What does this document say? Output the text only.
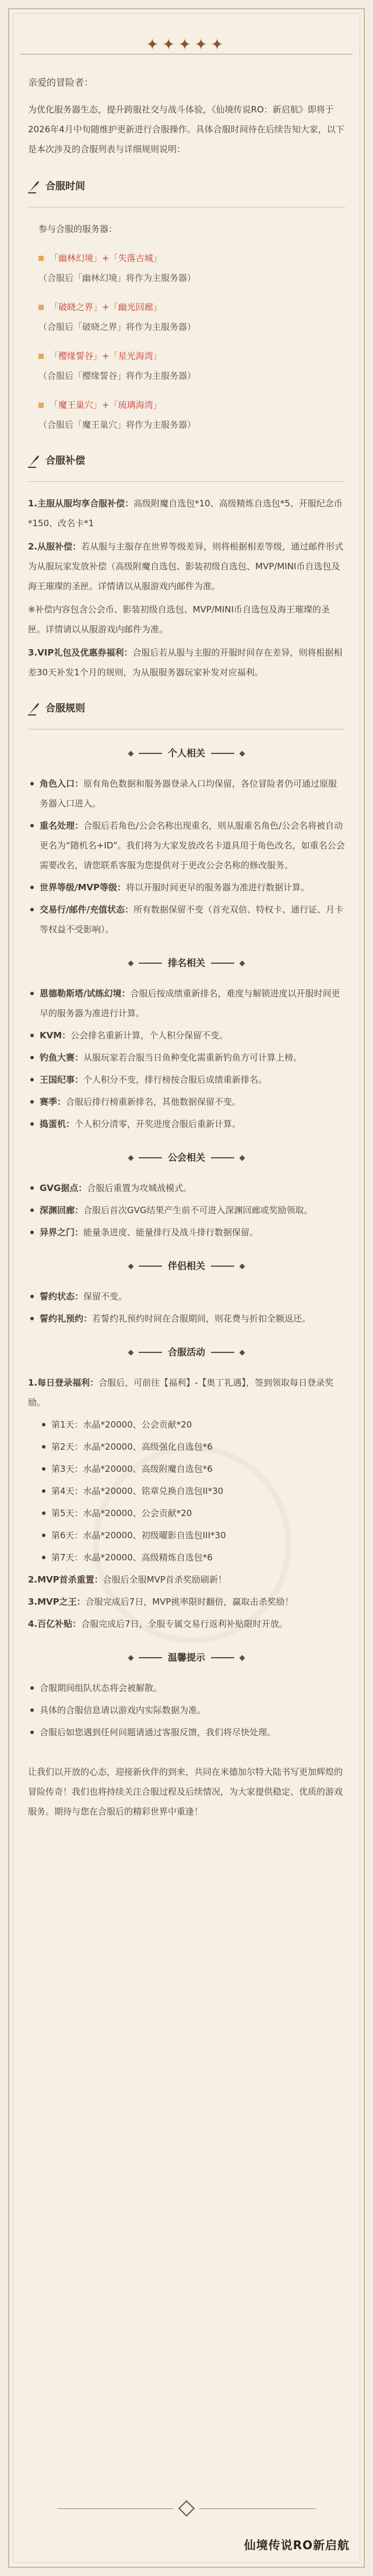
✦✦✦✦✦

亲爱的冒险者：

为优化服务器生态，提升跨服社交与战斗体验，《仙境传说RO：新启航》即将于2026年4月中旬随维护更新进行合服操作。具体合服时间待在后续告知大家，以下是本次涉及的合服列表与详细规则说明：

合服时间

参与合服的服务器：

「幽林幻境」+「失落古城」

（合服后「幽林幻境」将作为主服务器）

「破晓之界」+「幽光回廊」

（合服后「破晓之界」将作为主服务器）

「樱缘誓谷」+「星光海湾」

（合服后「樱缘誓谷」将作为主服务器）

「魔王巢穴」+「琉璃海湾」

（合服后「魔王巢穴」将作为主服务器）

合服补偿

1.主服从服均享合服补偿：高级附魔自选包*10、高级精炼自选包*5、开服纪念币*150、改名卡*1

2.从服补偿：若从服与主服存在世界等级差异，则将根据相差等级，通过邮件形式为从服玩家发放补偿（高级附魔自选包、影装初级自选包、MVP/MINI币自选包及海王璀璨的圣匣。详情请以从服游戏内邮件为准。

※补偿内容包含公会币、影装初级自选包、MVP/MINI币自选包及海王璀璨的圣匣。详情请以从服游戏内邮件为准。

3.VIP礼包及优惠券福利：合服后若从服与主服的开服时间存在差异，则将根据相差30天补发1个月的规则，为从服服务器玩家补发对应福利。

合服规则
个人相关
角色入口：原有角色数据和服务器登录入口均保留，各位冒险者仍可通过原服务器入口进入。
重名处理：合服后若角色/公会名称出现重名，则从服重名角色/公会名将被自动更名为“随机名+ID”。我们将为大家发放改名卡道具用于角色改名，如重名公会需要改名，请您联系客服为您提供对于更改公会名称的修改服务。
世界等级/MVP等级：将以开服时间更早的服务器为准进行数据计算。
交易行/邮件/充值状态：所有数据保留不变（首充双倍、特权卡、通行证、月卡等权益不受影响）。
排名相关
恩德勒斯塔/试练幻境：合服后按成绩重新排名，难度与解锁进度以开服时间更早的服务器为准进行计算。
KVM：公会排名重新计算，个人积分保留不变。
钓鱼大赛：从服玩家若合服当日鱼种变化需重新钓鱼方可计算上榜。
王国纪事：个人积分不变，排行榜按合服后成绩重新排名。
赛季：合服后排行榜重新排名，其他数据保留不变。
捣蛋机：个人积分清零，开奖进度合服后重新计算。
公会相关
GVG据点：合服后重置为攻城战模式。
深渊回廊：合服后首次GVG结果产生前不可进入深渊回廊或奖励领取。
异界之门：能量条进度、能量排行及战斗排行数据保留。
伴侣相关
誓约状态：保留不变。
誓约礼预约：若誓约礼预约时间在合服期间，则花费与折扣全额返还。
合服活动
1.每日登录福利：合服后，可前往【福利】-【奥丁礼遇】，签到领取每日登录奖励。
第1天：水晶*20000、公会贡献*20
第2天：水晶*20000、高级强化自选包*6
第3天：水晶*20000、高级附魔自选包*6
第4天：水晶*20000、铭章兑换自选包II*30
第5天：水晶*20000、公会贡献*20
第6天：水晶*20000、初级曜影自选包III*30
第7天：水晶*20000、高级精炼自选包*6
2.MVP首杀重置：合服后全服MVP首杀奖励刷新！
3.MVP之王：合服完成后7日，MVP挑率限时翻倍，赢取击杀奖励！
4.百亿补贴：合服完成后7日，全服专属交易行返利补贴限时开放。
温馨提示
合服期间组队状态将会被解散。
具体的合服信息请以游戏内实际数据为准。
合服后如您遇到任何问题请通过客服反馈，我们将尽快处理。

让我们以开放的心态，迎接新伙伴的到来，共同在米德加尔特大陆书写更加辉煌的冒险传奇！我们也将持续关注合服过程及后续情况，为大家提供稳定、优质的游戏服务。期待与您在合服后的精彩世界中重逢！

仙境传说RO新启航
